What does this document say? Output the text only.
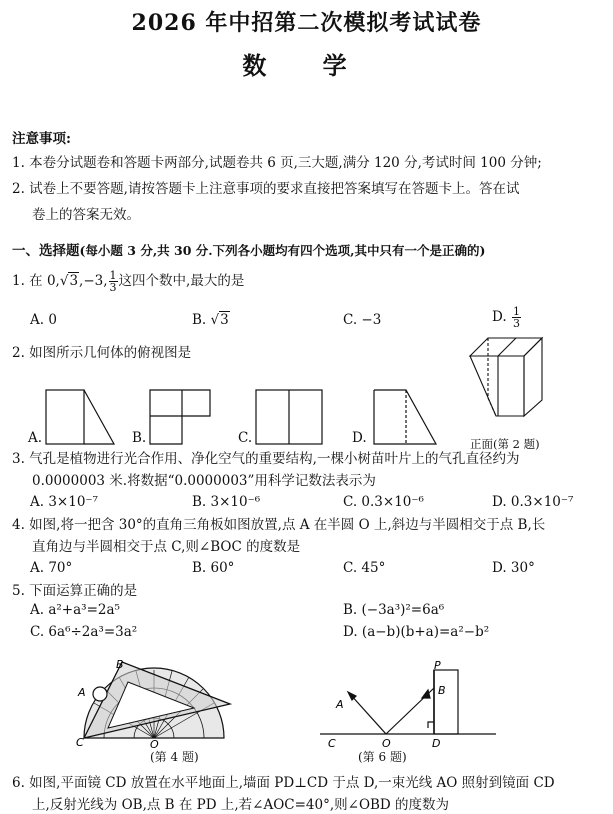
2026 年中招第二次模拟考试试卷
数 学
注意事项:
1. 本卷分试题卷和答题卡两部分,试题卷共 6 页,三大题,满分 120 分,考试时间 100 分钟;
2. 试卷上不要答题,请按答题卡上注意事项的要求直接把答案填写在答题卡上。答在试
卷上的答案无效。
一、选择题(每小题 3 分,共 30 分.下列各小题均有四个选项,其中只有一个是正确的)
1. 在 0,√3,−3, $\frac{1}{3}$ 这四个数中,最大的是
A. 0	B. √3	C. −3	D. $\frac{1}{3}$
2. 如图所示几何体的俯视图是
正面(第 2 题)
A.	B.	C.	D.
3. 气孔是植物进行光合作用、净化空气的重要结构,一棵小树苗叶片上的气孔直径约为
0.0000003 米.将数据“0.0000003”用科学记数法表示为
A. 3×10⁻⁷	B. 3×10⁻⁶	C. 0.3×10⁻⁶	D. 0.3×10⁻⁷
4. 如图,将一把含 30°的直角三角板如图放置,点 A 在半圆 O 上,斜边与半圆相交于点 B,长
直角边与半圆相交于点 C,则∠BOC 的度数是
A. 70°	B. 60°	C. 45°	D. 30°
5. 下面运算正确的是
A. a²+a³=2a⁵	B. (−3a³)²=6a⁶
C. 6a⁶÷2a³=3a²	D. (a−b)(b+a)=a²−b²
C
B
A
O
(第 4 题)
P
B
A
C	O	D
(第 6 题)
6. 如图,平面镜 CD 放置在水平地面上,墙面 PD⊥CD 于点 D,一束光线 AO 照射到镜面 CD
上,反射光线为 OB,点 B 在 PD 上,若∠AOC=40°,则∠OBD 的度数为
